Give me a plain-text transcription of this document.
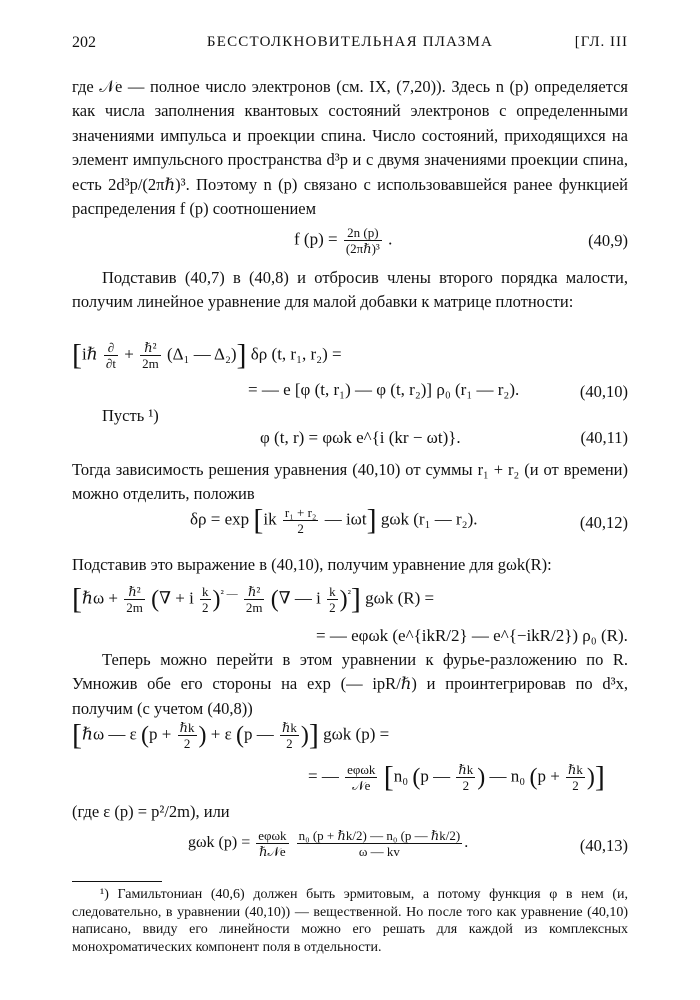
202	БЕССТОЛКНОВИТЕЛЬНАЯ ПЛАЗМА	[ГЛ. III
где 𝒩e — полное число электронов (см. IX, (7,20)). Здесь n (p) определяется как числа заполнения квантовых состояний электронов с определенными значениями импульса и проекции спина. Число состояний, приходящихся на элемент импульсного пространства d³p и с двумя значениями проекции спина, есть 2d³p/(2πℏ)³. Поэтому n (p) связано с использовавшейся ранее функцией распределения f (p) соотношением
f $(p) = \frac{2n (p)}{\text{(2πℏ)³}}$ .	(40,9)
Подставив (40,7) в (40,8) и отбросив члены второго порядка малости, получим линейное уравнение для малой добавки к матрице плотности:
[iℏ $\frac{\partial}{\partial t} + \frac{\text{ℏ²}}{2m} (\Delta_1$ — Δ₂)] δρ (t, r₁, r₂) =
= — e [φ (t, r₁) — φ (t, r₂)] ρ₀ (r₁ — r₂).	(40,10)
Пусть ¹)
φ (t, r) = φωk e^{i (kr − ωt)}.	(40,11)
Тогда зависимость решения уравнения (40,10) от суммы r₁ + r₂ (и от времени) можно отделить, положив
$\delta\rho = \exp [ik \frac{\text{r₁ + r₂}}{2}$ — iωt] gωk (r₁ — r₂).	(40,12)
Подставив это выражение в (40,10), получим уравнение для gωk(R):
[ℏω + $\frac{\text{ℏ²}}{2m}$ (∇ + i $\frac{k}{2} )^{^2 —} \frac{\text{ℏ²}}{2m}$ (∇ — i $\frac{k}{2} )^{^2}$] gωk (R) =
= — eφωk (e^{ikR/2} — e^{−ikR/2}) ρ₀ (R).
Теперь можно перейти в этом уравнении к фурье-разложению по R. Умножив обе его стороны на exp (— ipR/ℏ) и проинтегрировав по d³x, получим (с учетом (40,8))
[ℏω — ε ($p + \frac{\text{ℏk}}{2}$ ) + ε (p — $\frac{\text{ℏk}}{2}$ )] gωk (p) =
= — $\frac{\text{eφωk}}{\text{𝒩e}} [n_0$ (p — $\frac{\text{ℏk}}{2}$ ) — n₀ ($p + \frac{\text{ℏk}}{2}$ )]
(где ε (p) = p²/2m), или
gωk $(p) = \frac{\text{eφωk}}{\text{ℏ𝒩e}}$
$\frac{\text{n₀ (p + ℏk/2) — n₀ (p — ℏk/2)}}{\omega — kv}$ .	(40,13)
¹) Гамильтониан (40,6) должен быть эрмитовым, а потому функция φ в нем (и, следовательно, в уравнении (40,10)) — вещественной. Но после того как уравнение (40,10) написано, ввиду его линейности можно его решать для каждой из комплексных монохроматических компонент поля в отдельности.
